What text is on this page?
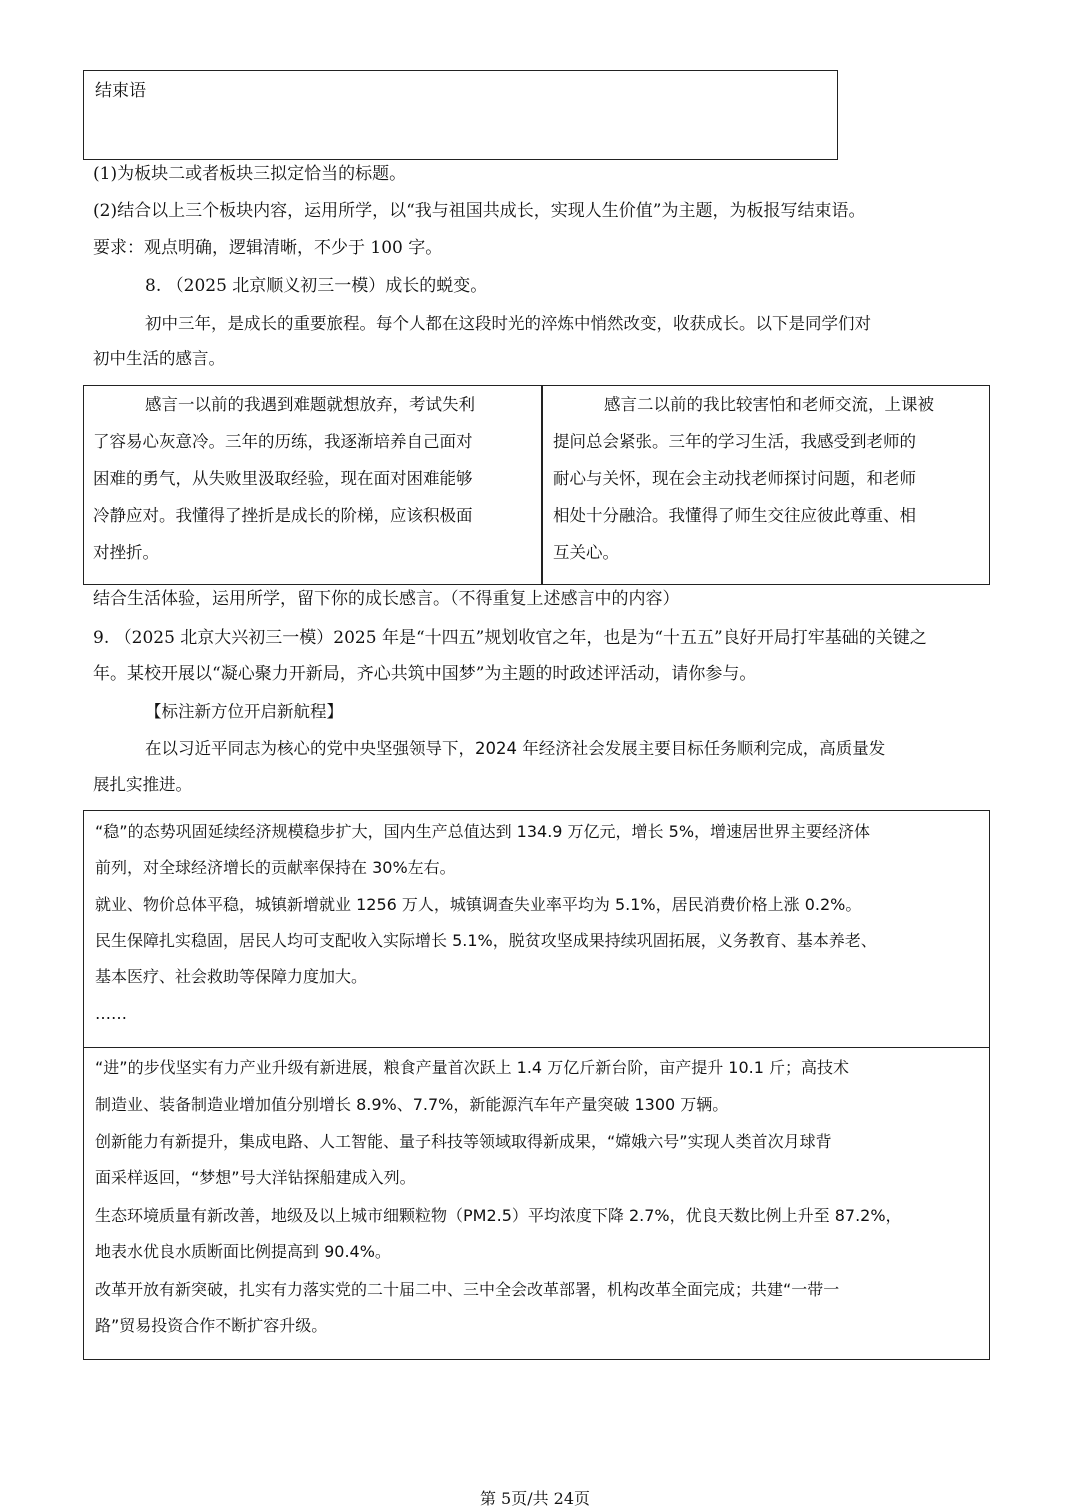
结束语
(1)为板块二或者板块三拟定恰当的标题。
(2)结合以上三个板块内容，运用所学，以“我与祖国共成长，实现人生价值”为主题，为板报写结束语。
要求：观点明确，逻辑清晰，不少于 100 字。
8. （2025 北京顺义初三一模）成长的蜕变。
初中三年，是成长的重要旅程。每个人都在这段时光的淬炼中悄然改变，收获成长。以下是同学们对
初中生活的感言。
感言一以前的我遇到难题就想放弃，考试失利
了容易心灰意冷。三年的历练，我逐渐培养自己面对
困难的勇气，从失败里汲取经验，现在面对困难能够
冷静应对。我懂得了挫折是成长的阶梯，应该积极面
对挫折。
感言二以前的我比较害怕和老师交流，上课被
提问总会紧张。三年的学习生活，我感受到老师的
耐心与关怀，现在会主动找老师探讨问题，和老师
相处十分融洽。我懂得了师生交往应彼此尊重、相
互关心。
结合生活体验，运用所学，留下你的成长感言。（不得重复上述感言中的内容）
9. （2025 北京大兴初三一模）2025 年是“十四五”规划收官之年，也是为“十五五”良好开局打牢基础的关键之
年。某校开展以“凝心聚力开新局，齐心共筑中国梦”为主题的时政述评活动，请你参与。
【标注新方位开启新航程】
在以习近平同志为核心的党中央坚强领导下，2024 年经济社会发展主要目标任务顺利完成，高质量发
展扎实推进。
“稳”的态势巩固延续经济规模稳步扩大，国内生产总值达到 134.9 万亿元，增长 5%，增速居世界主要经济体
前列，对全球经济增长的贡献率保持在 30%左右。
就业、物价总体平稳，城镇新增就业 1256 万人，城镇调查失业率平均为 5.1%，居民消费价格上涨 0.2%。
民生保障扎实稳固，居民人均可支配收入实际增长 5.1%，脱贫攻坚成果持续巩固拓展，义务教育、基本养老、
基本医疗、社会救助等保障力度加大。
……
“进”的步伐坚实有力产业升级有新进展，粮食产量首次跃上 1.4 万亿斤新台阶，亩产提升 10.1 斤；高技术
制造业、装备制造业增加值分别增长 8.9%、7.7%，新能源汽车年产量突破 1300 万辆。
创新能力有新提升，集成电路、人工智能、量子科技等领域取得新成果，“嫦娥六号”实现人类首次月球背
面采样返回，“梦想”号大洋钻探船建成入列。
生态环境质量有新改善，地级及以上城市细颗粒物（PM2.5）平均浓度下降 2.7%，优良天数比例上升至 87.2%，
地表水优良水质断面比例提高到 90.4%。
改革开放有新突破，扎实有力落实党的二十届二中、三中全会改革部署，机构改革全面完成；共建“一带一
路”贸易投资合作不断扩容升级。
第 5页/共 24页
